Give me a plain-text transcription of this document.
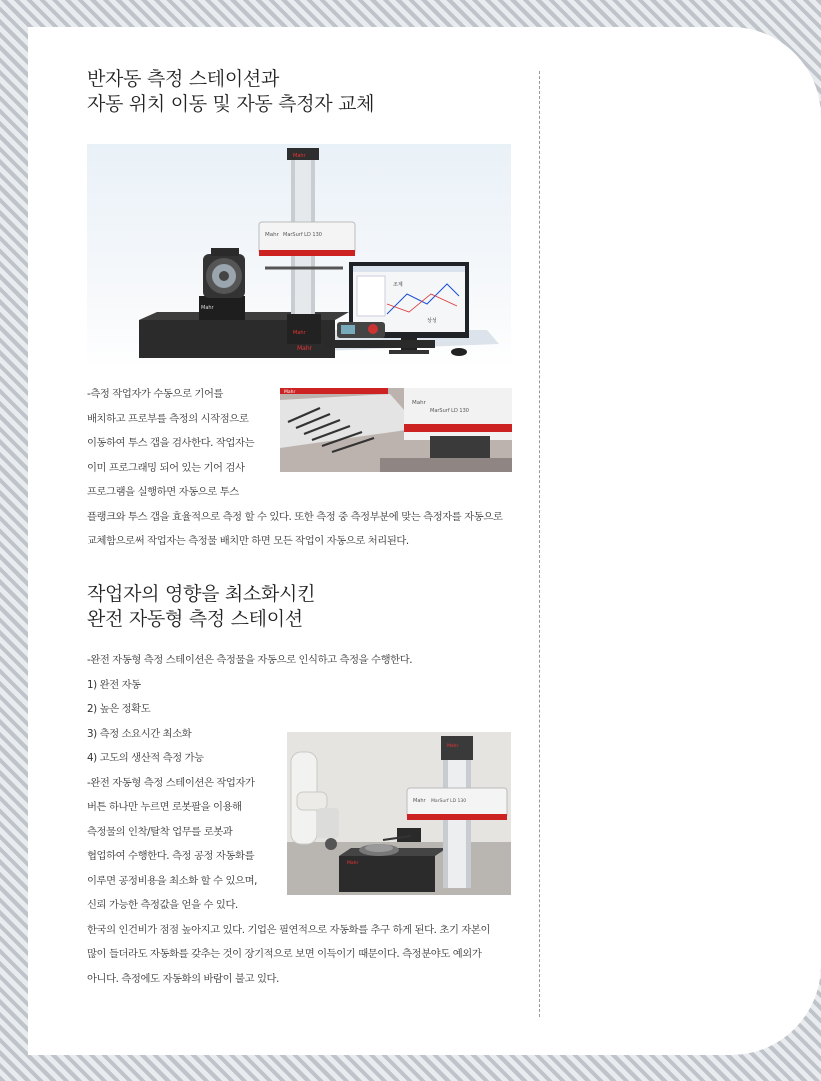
반자동 측정 스테이션과
자동 위치 이동 및 자동 측정자 교체
Mahr
Mahr
Mahr
Mahr
Mahr MarSurf LD 130
조계
상성
Mahr
Mahr
MarSurf LD 130

-측정 작업자가 수동으로 기어를

배치하고 프로부를 측정의 시작점으로

이동하여 투스 갭을 검사한다. 작업자는

이미 프로그래밍 되어 있는 기어 검사

프로그램을 실행하면 자동으로 투스

플랭크와 투스 갭을 효율적으로 측정 할 수 있다. 또한 측정 중 측정부분에 맞는 측정자를 자동으로

교체함으로써 작업자는 측정물 배치만 하면 모든 작업이 자동으로 처리된다.

작업자의 영향을 최소화시킨
완전 자동형 측정 스테이션
Mahr
Mahr
Mahr MarSurf LD 130

-완전 자동형 측정 스테이션은 측정물을 자동으로 인식하고 측정을 수행한다.

1) 완전 자동

2) 높은 정확도

3) 측정 소요시간 최소화

4) 고도의 생산적 측정 가능

-완전 자동형 측정 스테이션은 작업자가

버튼 하나만 누르면 로봇팔을 이용해

측정물의 인착/탈착 업무를 로봇과

협업하여 수행한다. 측정 공정 자동화를

이루면 공정비용을 최소화 할 수 있으며,

신뢰 가능한 측정값을 얻을 수 있다.

한국의 인건비가 점점 높아지고 있다. 기업은 필연적으로 자동화를 추구 하게 된다. 초기 자본이

많이 들더라도 자동화를 갖추는 것이 장기적으로 보면 이득이기 때문이다. 측정분야도 예외가

아니다. 측정에도 자동화의 바람이 불고 있다.
